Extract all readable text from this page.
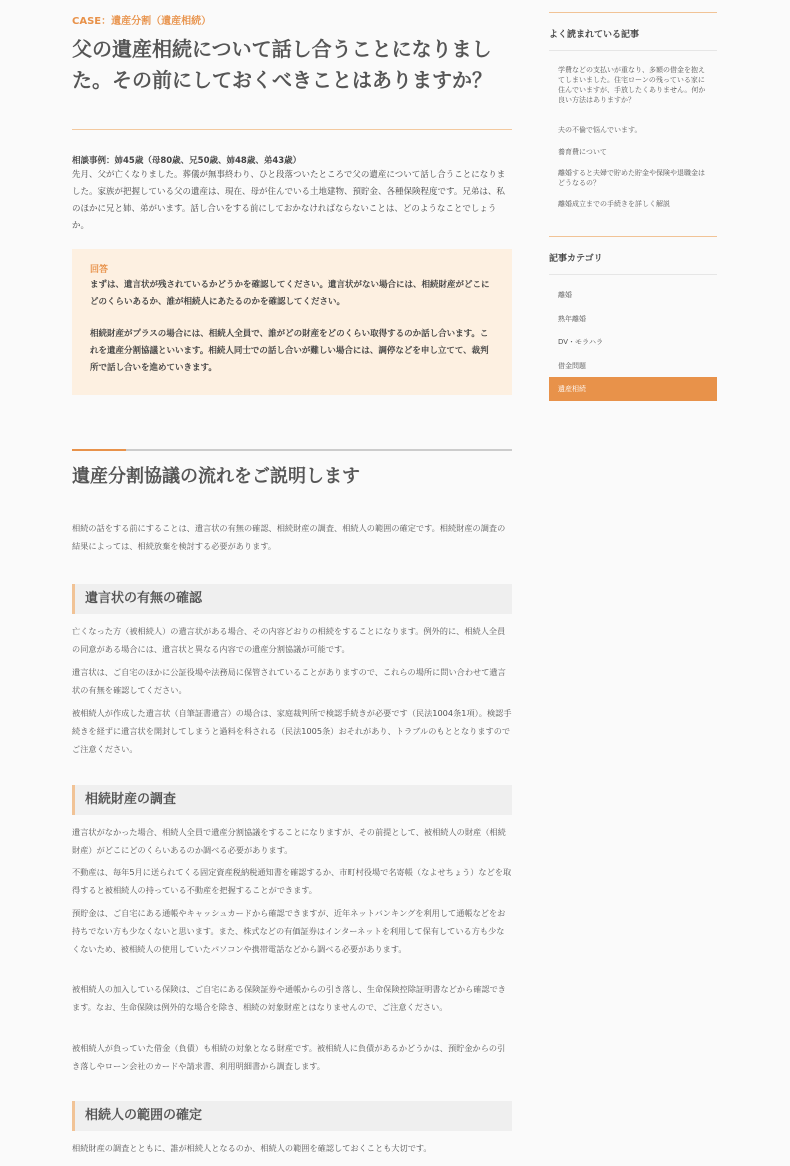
CASE：遺産分割（遺産相続）
父の遺産相続について話し合うことになりました。その前にしておくべきことはありますか？
相談事例：姉45歳（母80歳、兄50歳、姉48歳、弟43歳）

先月、父が亡くなりました。葬儀が無事終わり、ひと段落ついたところで父の遺産について話し合うことになりました。家族が把握している父の遺産は、現在、母が住んでいる土地建物、預貯金、各種保険程度です。兄弟は、私のほかに兄と姉、弟がいます。話し合いをする前にしておかなければならないことは、どのようなことでしょうか。

回答

まずは、遺言状が残されているかどうかを確認してください。遺言状がない場合には、相続財産がどこにどのくらいあるか、誰が相続人にあたるのかを確認してください。

相続財産がプラスの場合には、相続人全員で、誰がどの財産をどのくらい取得するのか話し合います。これを遺産分割協議といいます。相続人同士での話し合いが難しい場合には、調停などを申し立てて、裁判所で話し合いを進めていきます。

遺産分割協議の流れをご説明します

相続の話をする前にすることは、遺言状の有無の確認、相続財産の調査、相続人の範囲の確定です。相続財産の調査の結果によっては、相続放棄を検討する必要があります。

遺言状の有無の確認

亡くなった方（被相続人）の遺言状がある場合、その内容どおりの相続をすることになります。例外的に、相続人全員の同意がある場合には、遺言状と異なる内容での遺産分割協議が可能です。

遺言状は、ご自宅のほかに公証役場や法務局に保管されていることがありますので、これらの場所に問い合わせて遺言状の有無を確認してください。

被相続人が作成した遺言状（自筆証書遺言）の場合は、家庭裁判所で検認手続きが必要です（民法1004条1項）。検認手続きを経ずに遺言状を開封してしまうと過料を科される（民法1005条）おそれがあり、トラブルのもととなりますのでご注意ください。

相続財産の調査

遺言状がなかった場合、相続人全員で遺産分割協議をすることになりますが、その前提として、被相続人の財産（相続財産）がどこにどのくらいあるのか調べる必要があります。

不動産は、毎年5月に送られてくる固定資産税納税通知書を確認するか、市町村役場で名寄帳（なよせちょう）などを取得すると被相続人の持っている不動産を把握することができます。

預貯金は、ご自宅にある通帳やキャッシュカードから確認できますが、近年ネットバンキングを利用して通帳などをお持ちでない方も少なくないと思います。また、株式などの有価証券はインターネットを利用して保有している方も少なくないため、被相続人の使用していたパソコンや携帯電話などから調べる必要があります。

被相続人の加入している保険は、ご自宅にある保険証券や通帳からの引き落し、生命保険控除証明書などから確認できます。なお、生命保険は例外的な場合を除き、相続の対象財産とはなりませんので、ご注意ください。

被相続人が負っていた借金（負債）も相続の対象となる財産です。被相続人に負債があるかどうかは、預貯金からの引き落しやローン会社のカードや請求書、利用明細書から調査します。

相続人の範囲の確定

相続財産の調査とともに、誰が相続人となるのか、相続人の範囲を確認しておくことも大切です。

よく読まれている記事
学費などの支払いが重なり、多額の借金を抱えてしまいました。住宅ローンの残っている家に住んでいますが、手放したくありません。何か良い方法はありますか？
夫の不倫で悩んでいます。
養育費について
離婚すると夫婦で貯めた貯金や保険や退職金はどうなるの？
離婚成立までの手続きを詳しく解説
記事カテゴリ
離婚
熟年離婚
DV・モラハラ
借金問題
遺産相続
